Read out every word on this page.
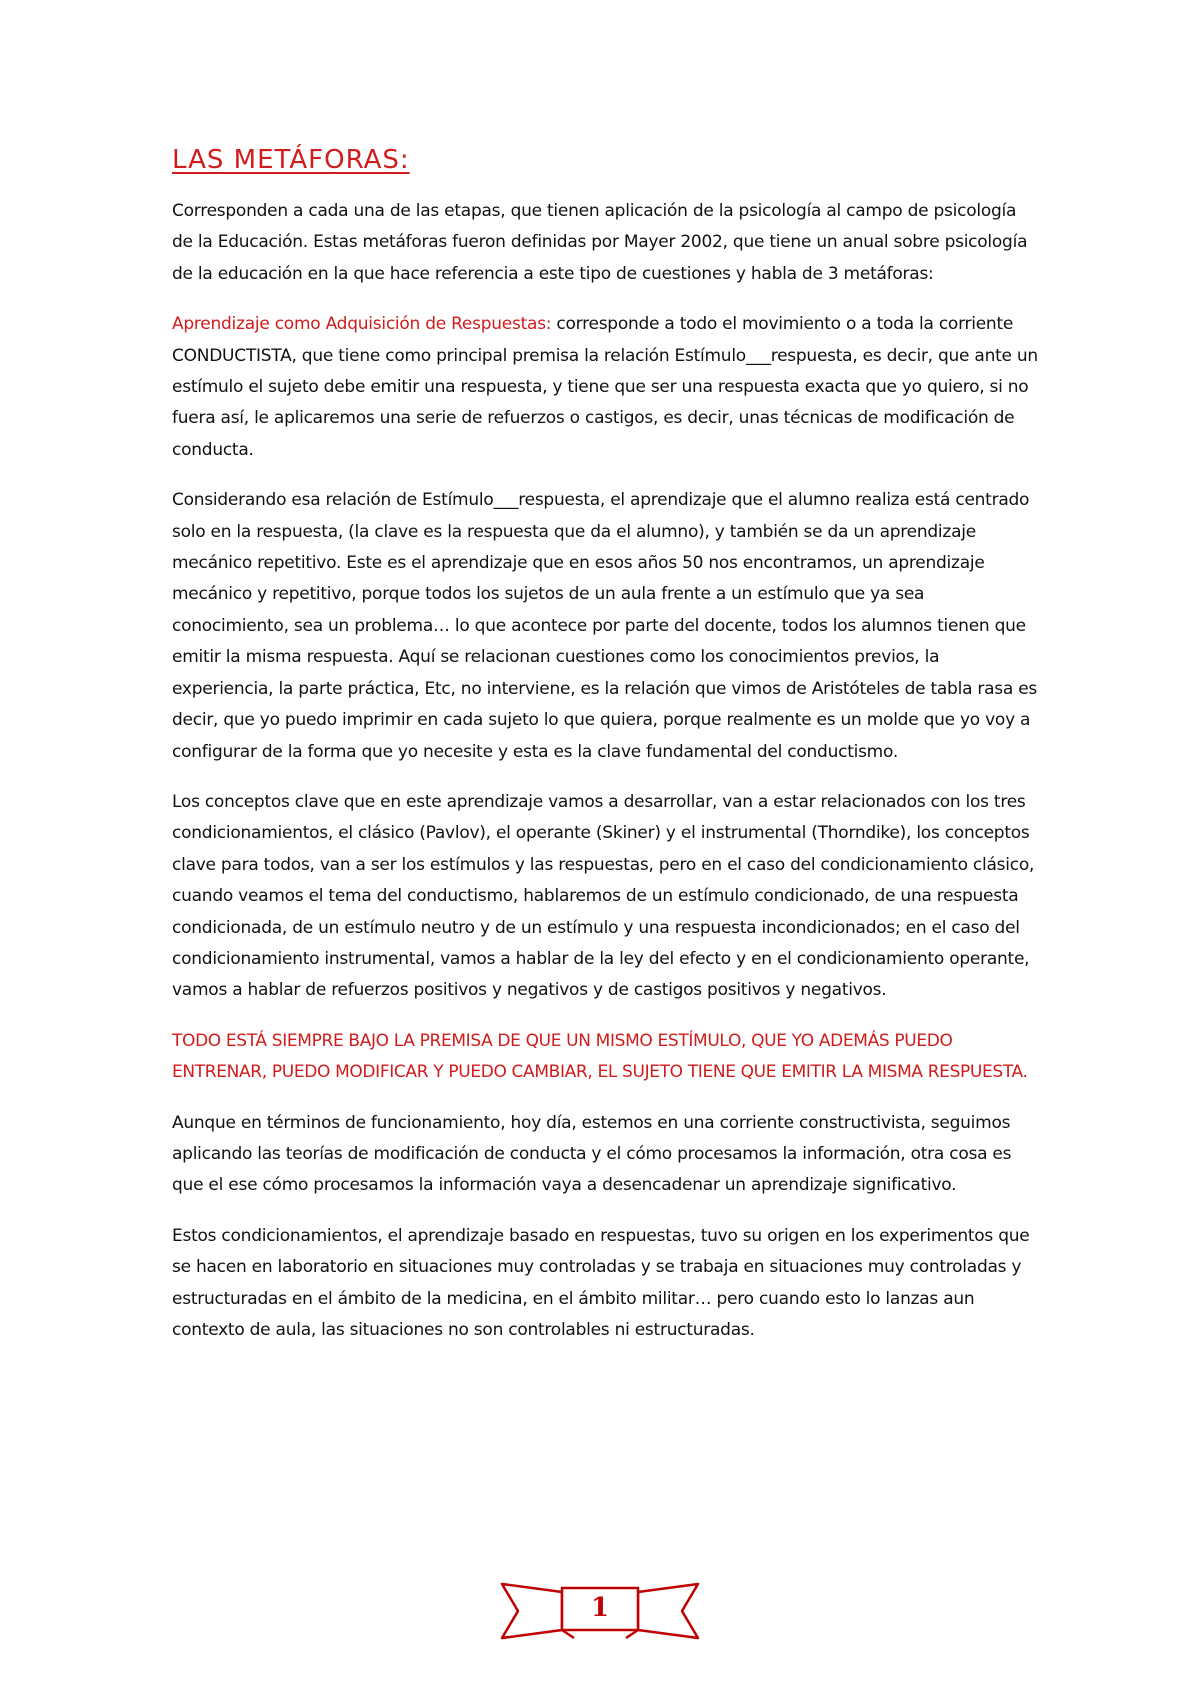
LAS METÁFORAS:

Corresponden a cada una de las etapas, que tienen aplicación de la psicología al campo de psicología de la Educación. Estas metáforas fueron definidas por Mayer 2002, que tiene un anual sobre psicología de la educación en la que hace referencia a este tipo de cuestiones y habla de 3 metáforas:

Aprendizaje como Adquisición de Respuestas: corresponde a todo el movimiento o a toda la corriente CONDUCTISTA, que tiene como principal premisa la relación Estímulo___respuesta, es decir, que ante un estímulo el sujeto debe emitir una respuesta, y tiene que ser una respuesta exacta que yo quiero, si no fuera así, le aplicaremos una serie de refuerzos o castigos, es decir, unas técnicas de modificación de conducta.

Considerando esa relación de Estímulo___respuesta, el aprendizaje que el alumno realiza está centrado solo en la respuesta, (la clave es la respuesta que da el alumno), y también se da un aprendizaje mecánico repetitivo. Este es el aprendizaje que en esos años 50 nos encontramos, un aprendizaje mecánico y repetitivo, porque todos los sujetos de un aula frente a un estímulo que ya sea conocimiento, sea un problema… lo que acontece por parte del docente, todos los alumnos tienen que emitir la misma respuesta. Aquí se relacionan cuestiones como los conocimientos previos, la experiencia, la parte práctica, Etc, no interviene, es la relación que vimos de Aristóteles de tabla rasa es decir, que yo puedo imprimir en cada sujeto lo que quiera, porque realmente es un molde que yo voy a configurar de la forma que yo necesite y esta es la clave fundamental del conductismo.

Los conceptos clave que en este aprendizaje vamos a desarrollar, van a estar relacionados con los tres condicionamientos, el clásico (Pavlov), el operante (Skiner) y el instrumental (Thorndike), los conceptos clave para todos, van a ser los estímulos y las respuestas, pero en el caso del condicionamiento clásico, cuando veamos el tema del conductismo, hablaremos de un estímulo condicionado, de una respuesta condicionada, de un estímulo neutro y de un estímulo y una respuesta incondicionados; en el caso del condicionamiento instrumental, vamos a hablar de la ley del efecto y en el condicionamiento operante, vamos a hablar de refuerzos positivos y negativos y de castigos positivos y negativos.

TODO ESTÁ SIEMPRE BAJO LA PREMISA DE QUE UN MISMO ESTÍMULO, QUE YO ADEMÁS PUEDO ENTRENAR, PUEDO MODIFICAR Y PUEDO CAMBIAR, EL SUJETO TIENE QUE EMITIR LA MISMA RESPUESTA.

Aunque en términos de funcionamiento, hoy día, estemos en una corriente constructivista, seguimos aplicando las teorías de modificación de conducta y el cómo procesamos la información, otra cosa es que el ese cómo procesamos la información vaya a desencadenar un aprendizaje significativo.

Estos condicionamientos, el aprendizaje basado en respuestas, tuvo su origen en los experimentos que se hacen en laboratorio en situaciones muy controladas y se trabaja en situaciones muy controladas y estructuradas en el ámbito de la medicina, en el ámbito militar… pero cuando esto lo lanzas aun contexto de aula, las situaciones no son controlables ni estructuradas.

1
